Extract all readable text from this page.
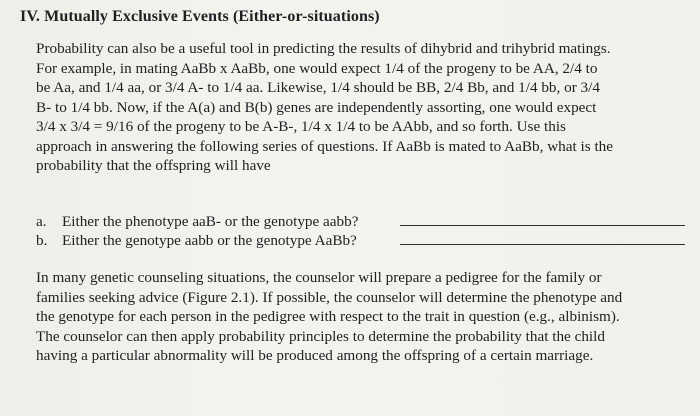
IV. Mutually Exclusive Events (Either-or-situations)

Probability can also be a useful tool in predicting the results of dihybrid and trihybrid matings.
For example, in mating AaBb x AaBb, one would expect 1/4 of the progeny to be AA, 2/4 to
be Aa, and 1/4 aa, or 3/4 A- to 1/4 aa. Likewise, 1/4 should be BB, 2/4 Bb, and 1/4 bb, or 3/4
B- to 1/4 bb. Now, if the A(a) and B(b) genes are independently assorting, one would expect
3/4 x 3/4 = 9/16 of the progeny to be A-B-, 1/4 x 1/4 to be AAbb, and so forth. Use this
approach in answering the following series of questions. If AaBb is mated to AaBb, what is the
probability that the offspring will have

a. Either the phenotype aaB- or the genotype aabb?
b. Either the genotype aabb or the genotype AaBb?

In many genetic counseling situations, the counselor will prepare a pedigree for the family or
families seeking advice (Figure 2.1). If possible, the counselor will determine the phenotype and
the genotype for each person in the pedigree with respect to the trait in question (e.g., albinism).
The counselor can then apply probability principles to determine the probability that the child
having a particular abnormality will be produced among the offspring of a certain marriage.
